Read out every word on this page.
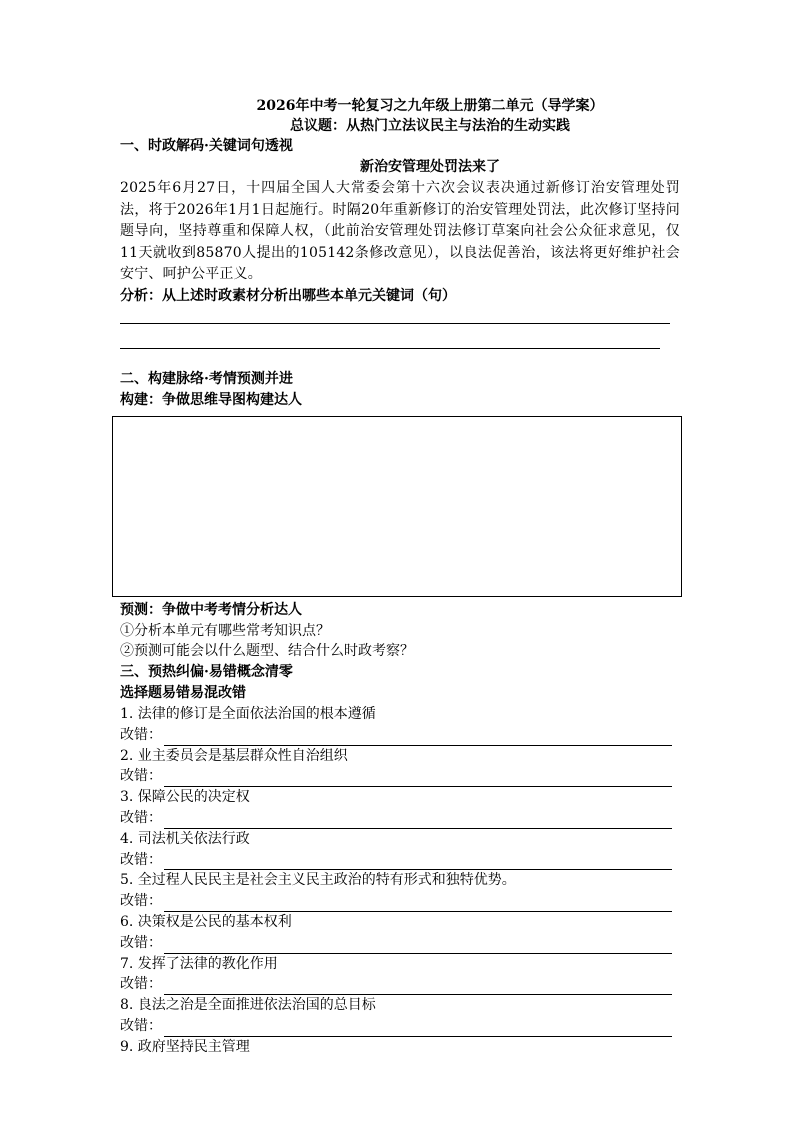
2026年中考一轮复习之九年级上册第二单元（导学案）
总议题：从热门立法议民主与法治的生动实践
一、时政解码·关键词句透视
新治安管理处罚法来了
2025年6月27日，十四届全国人大常委会第十六次会议表决通过新修订治安管理处罚法，将于2026年1月1日起施行。时隔20年重新修订的治安管理处罚法，此次修订坚持问题导向，坚持尊重和保障人权，（此前治安管理处罚法修订草案向社会公众征求意见，仅11天就收到85870人提出的105142条修改意见），以良法促善治，该法将更好维护社会安宁、呵护公平正义。
分析：从上述时政素材分析出哪些本单元关键词（句）
二、构建脉络·考情预测并进
构建：争做思维导图构建达人
预测：争做中考考情分析达人
①分析本单元有哪些常考知识点？
②预测可能会以什么题型、结合什么时政考察？
三、预热纠偏·易错概念清零
选择题易错易混改错
1. 法律的修订是全面依法治国的根本遵循
改错：
2. 业主委员会是基层群众性自治组织
改错：
3. 保障公民的决定权
改错：
4. 司法机关依法行政
改错：
5. 全过程人民民主是社会主义民主政治的特有形式和独特优势。
改错：
6. 决策权是公民的基本权利
改错：
7. 发挥了法律的教化作用
改错：
8. 良法之治是全面推进依法治国的总目标
改错：
9. 政府坚持民主管理
